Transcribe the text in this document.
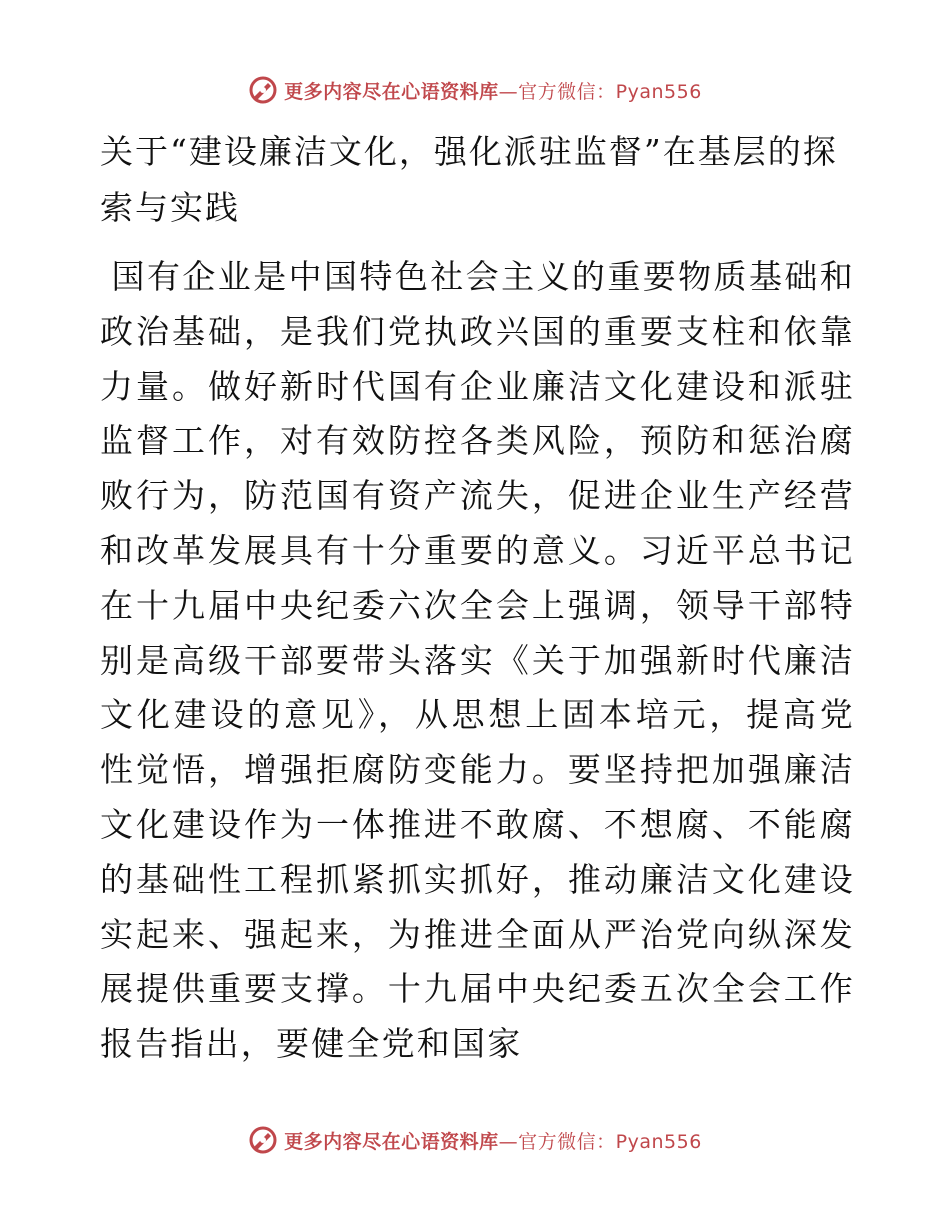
更多内容尽在心语资料库—官方微信：Pyan556
关于“建设廉洁文化，强化派驻监督”在基层的探索与实践

国有企业是中国特色社会主义的重要物质基础和政治基础，是我们党执政兴国的重要支柱和依靠力量。做好新时代国有企业廉洁文化建设和派驻监督工作，对有效防控各类风险，预防和惩治腐败行为，防范国有资产流失，促进企业生产经营和改革发展具有十分重要的意义。习近平总书记在十九届中央纪委六次全会上强调，领导干部特别是高级干部要带头落实《关于加强新时代廉洁文化建设的意见》，从思想上固本培元，提高党性觉悟，增强拒腐防变能力。要坚持把加强廉洁文化建设作为一体推进不敢腐、不想腐、不能腐的基础性工程抓紧抓实抓好，推动廉洁文化建设实起来、强起来，为推进全面从严治党向纵深发展提供重要支撑。十九届中央纪委五次全会工作报告指出，要健全党和国家

更多内容尽在心语资料库—官方微信：Pyan556
